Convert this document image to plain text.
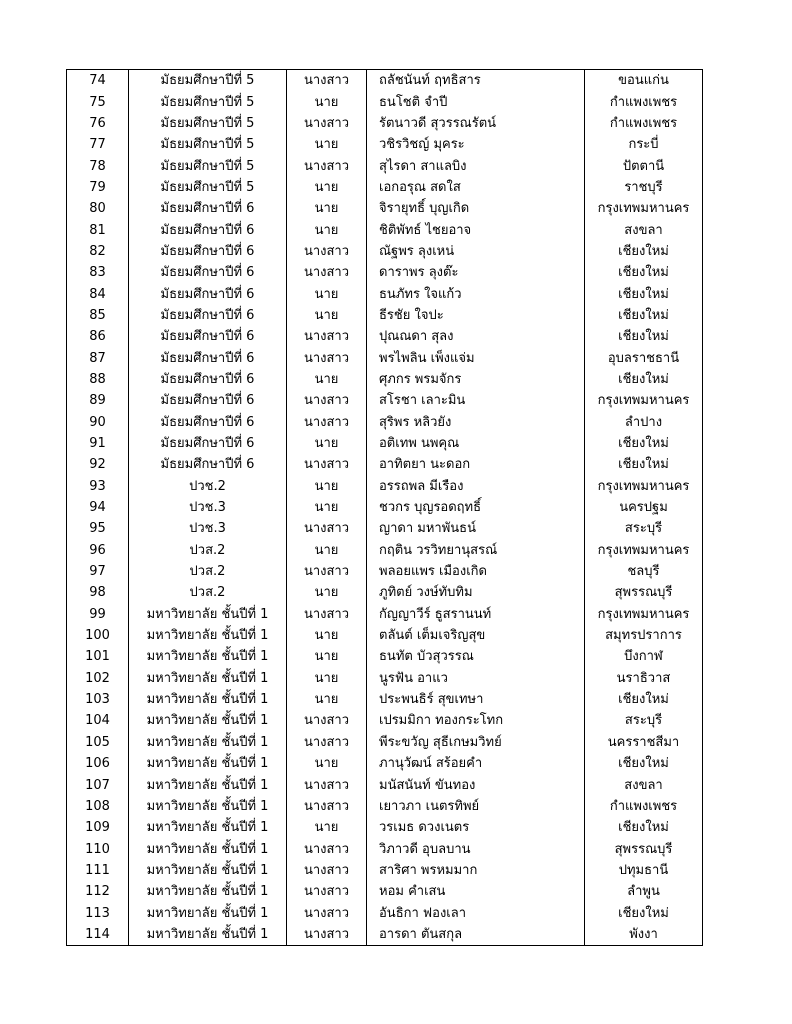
74	มัธยมศึกษาปีที่ 5	นางสาว	ถลัชนันท์ ฤทธิสาร	ขอนแก่น
75	มัธยมศึกษาปีที่ 5	นาย	ธนโชติ จำปี	กำแพงเพชร
76	มัธยมศึกษาปีที่ 5	นางสาว	รัตนาวดี สุวรรณรัตน์	กำแพงเพชร
77	มัธยมศึกษาปีที่ 5	นาย	วชิรวิชญ์ มุคระ	กระบี่
78	มัธยมศึกษาปีที่ 5	นางสาว	สุไรดา สาแลบิง	ปัตตานี
79	มัธยมศึกษาปีที่ 5	นาย	เอกอรุณ สดใส	ราชบุรี
80	มัธยมศึกษาปีที่ 6	นาย	จิรายุทธิ์ บุญเกิด	กรุงเทพมหานคร
81	มัธยมศึกษาปีที่ 6	นาย	ชิติพัทธ์ ไชยอาจ	สงขลา
82	มัธยมศึกษาปีที่ 6	นางสาว	ณัฐพร ลุงเหน่	เชียงใหม่
83	มัธยมศึกษาปีที่ 6	นางสาว	ดาราพร ลุงต๊ะ	เชียงใหม่
84	มัธยมศึกษาปีที่ 6	นาย	ธนภัทร ใจแก้ว	เชียงใหม่
85	มัธยมศึกษาปีที่ 6	นาย	ธีรชัย ใจปะ	เชียงใหม่
86	มัธยมศึกษาปีที่ 6	นางสาว	ปุณณดา สุลง	เชียงใหม่
87	มัธยมศึกษาปีที่ 6	นางสาว	พรไพลิน เพ็งแจ่ม	อุบลราชธานี
88	มัธยมศึกษาปีที่ 6	นาย	ศุภกร พรมจักร	เชียงใหม่
89	มัธยมศึกษาปีที่ 6	นางสาว	สโรชา เลาะมิน	กรุงเทพมหานคร
90	มัธยมศึกษาปีที่ 6	นางสาว	สุริพร หลิวยัง	ลำปาง
91	มัธยมศึกษาปีที่ 6	นาย	อติเทพ นพคุณ	เชียงใหม่
92	มัธยมศึกษาปีที่ 6	นางสาว	อาทิตยา นะดอก	เชียงใหม่
93	ปวช.2	นาย	อรรถพล มีเรือง	กรุงเทพมหานคร
94	ปวช.3	นาย	ชวกร บุญรอดฤทธิ์	นครปฐม
95	ปวช.3	นางสาว	ญาดา มหาพันธน์	สระบุรี
96	ปวส.2	นาย	กฤติน วรวิทยานุสรณ์	กรุงเทพมหานคร
97	ปวส.2	นางสาว	พลอยแพร เมืองเกิด	ชลบุรี
98	ปวส.2	นาย	ภูทิตย์ วงษ์ทับทิม	สุพรรณบุรี
99	มหาวิทยาลัย ชั้นปีที่ 1	นางสาว	กัญญาวีร์ ธูสรานนท์	กรุงเทพมหานคร
100	มหาวิทยาลัย ชั้นปีที่ 1	นาย	ตลันต์ เต็มเจริญสุข	สมุทรปราการ
101	มหาวิทยาลัย ชั้นปีที่ 1	นาย	ธนทัต บัวสุวรรณ	บึงกาฬ
102	มหาวิทยาลัย ชั้นปีที่ 1	นาย	นูรฟัน อาแว	นราธิวาส
103	มหาวิทยาลัย ชั้นปีที่ 1	นาย	ประพนธิร์ สุขเทษา	เชียงใหม่
104	มหาวิทยาลัย ชั้นปีที่ 1	นางสาว	เปรมมิกา ทองกระโทก	สระบุรี
105	มหาวิทยาลัย ชั้นปีที่ 1	นางสาว	พีระขวัญ สุธีเกษมวิทย์	นครราชสีมา
106	มหาวิทยาลัย ชั้นปีที่ 1	นาย	ภานุวัฒน์ สร้อยคำ	เชียงใหม่
107	มหาวิทยาลัย ชั้นปีที่ 1	นางสาว	มนัสนันท์ ขันทอง	สงขลา
108	มหาวิทยาลัย ชั้นปีที่ 1	นางสาว	เยาวภา เนตรทิพย์	กำแพงเพชร
109	มหาวิทยาลัย ชั้นปีที่ 1	นาย	วรเมธ ดวงเนตร	เชียงใหม่
110	มหาวิทยาลัย ชั้นปีที่ 1	นางสาว	วิภาวดี อุบลบาน	สุพรรณบุรี
111	มหาวิทยาลัย ชั้นปีที่ 1	นางสาว	สาริศา พรหมมาก	ปทุมธานี
112	มหาวิทยาลัย ชั้นปีที่ 1	นางสาว	หอม คำเสน	ลำพูน
113	มหาวิทยาลัย ชั้นปีที่ 1	นางสาว	อันธิกา ฟองเลา	เชียงใหม่
114	มหาวิทยาลัย ชั้นปีที่ 1	นางสาว	อารดา ตันสกุล	พังงา
